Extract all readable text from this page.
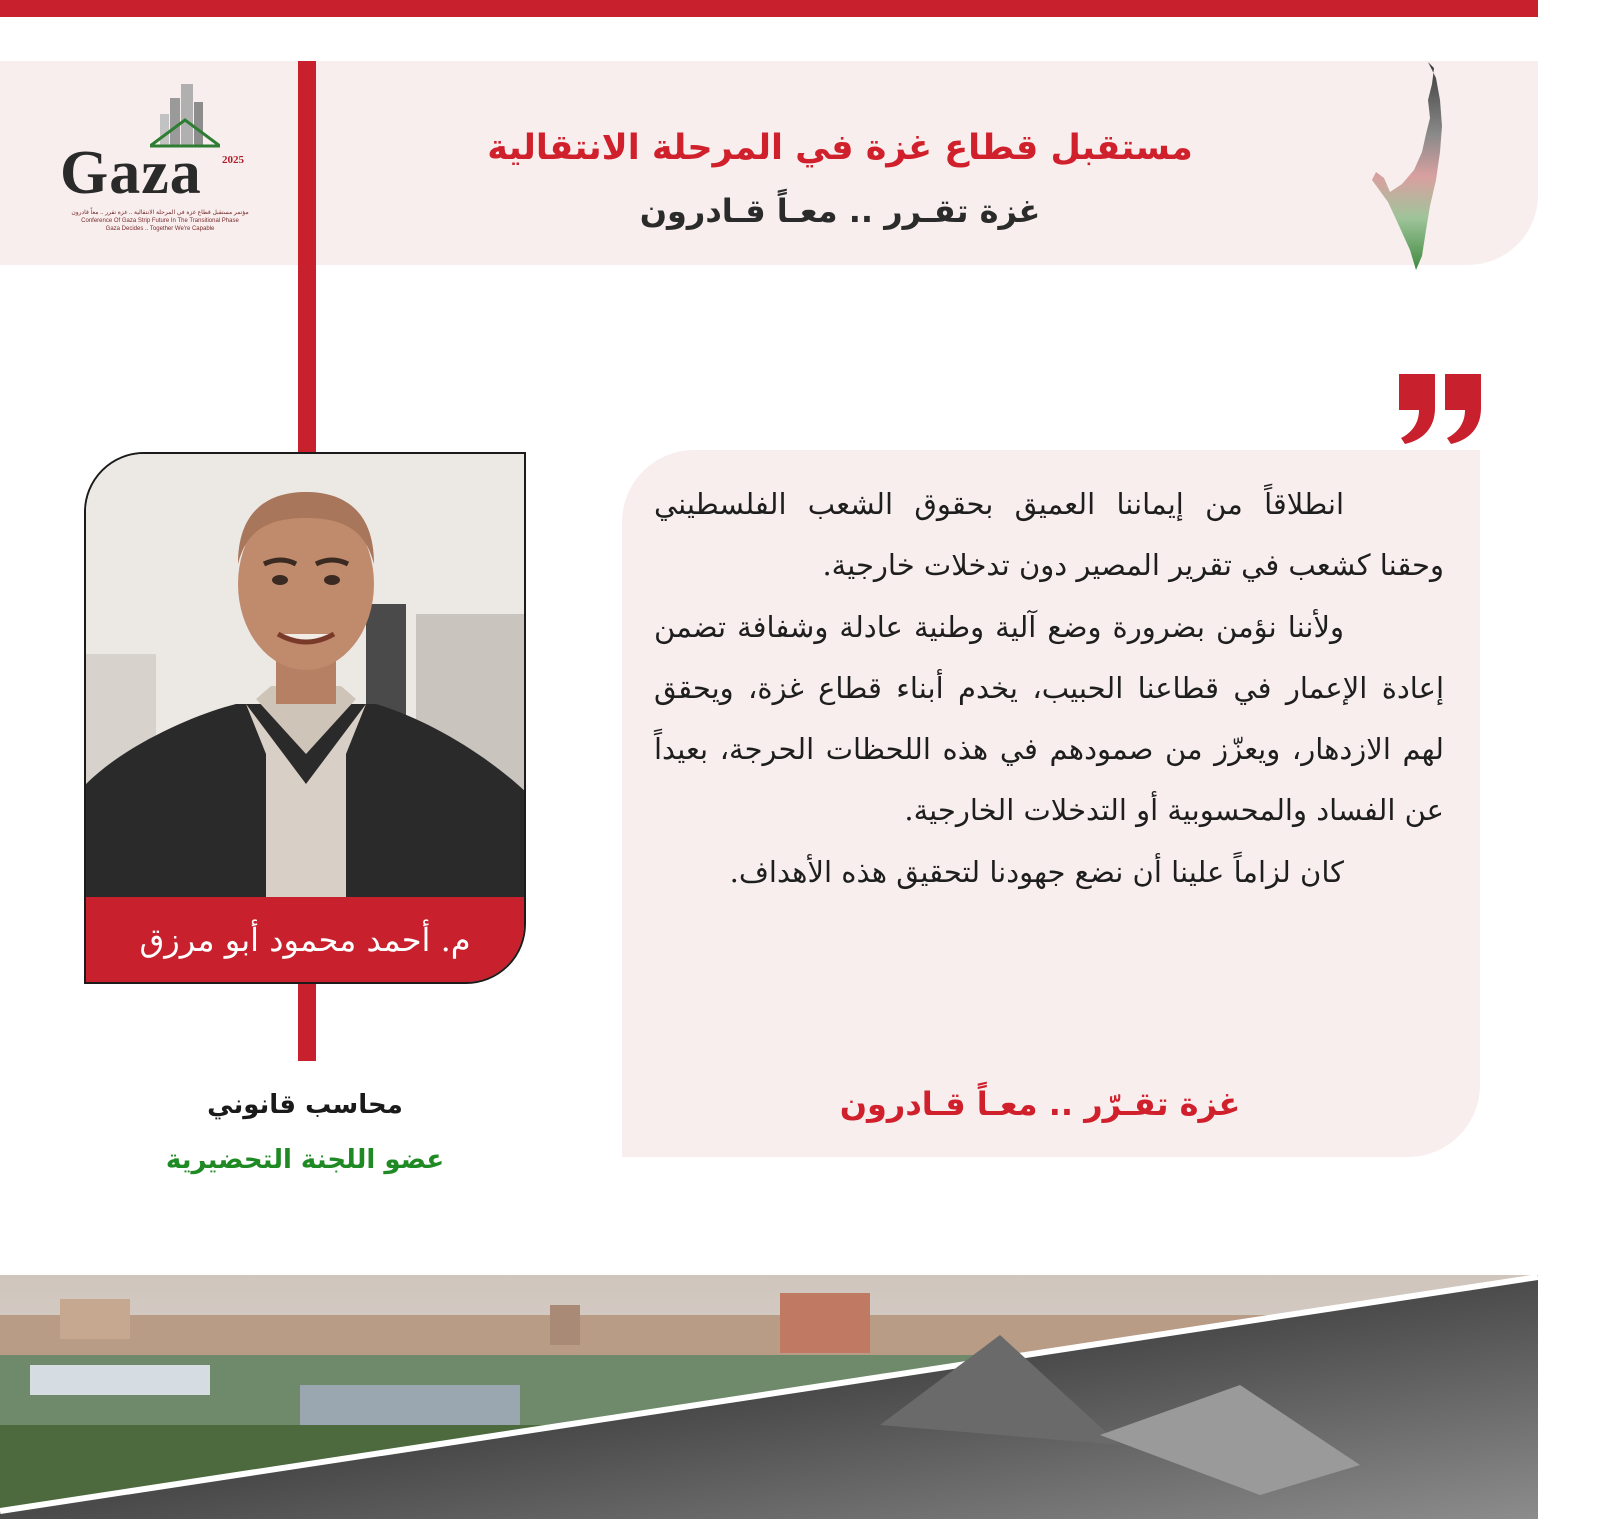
Gaza 2025
مؤتمر مستقبل قطاع غزة في المرحلة الانتقالية .. غزة تقرر .. معاً قادرون
Conference Of Gaza Strip Future In The Transitional Phase
Gaza Decides .. Together We're Capable
مستقبل قطاع غزة في المرحلة الانتقالية
غزة تقـرر .. معـاً قـادرون

انطلاقاً من إيماننا العميق بحقوق الشعب الفلسطيني وحقنا كشعب في تقرير المصير دون تدخلات خارجية.

ولأننا نؤمن بضرورة وضع آلية وطنية عادلة وشفافة تضمن إعادة الإعمار في قطاعنا الحبيب، يخدم أبناء قطاع غزة، ويحقق لهم الازدهار، ويعزّز من صمودهم في هذه اللحظات الحرجة، بعيداً عن الفساد والمحسوبية أو التدخلات الخارجية.

كان لزاماً علينا أن نضع جهودنا لتحقيق هذه الأهداف.

غزة تقـرّر .. معـاً قـادرون
م. أحمد محمود أبو مرزق
محاسب قانوني
عضو اللجنة التحضيرية
